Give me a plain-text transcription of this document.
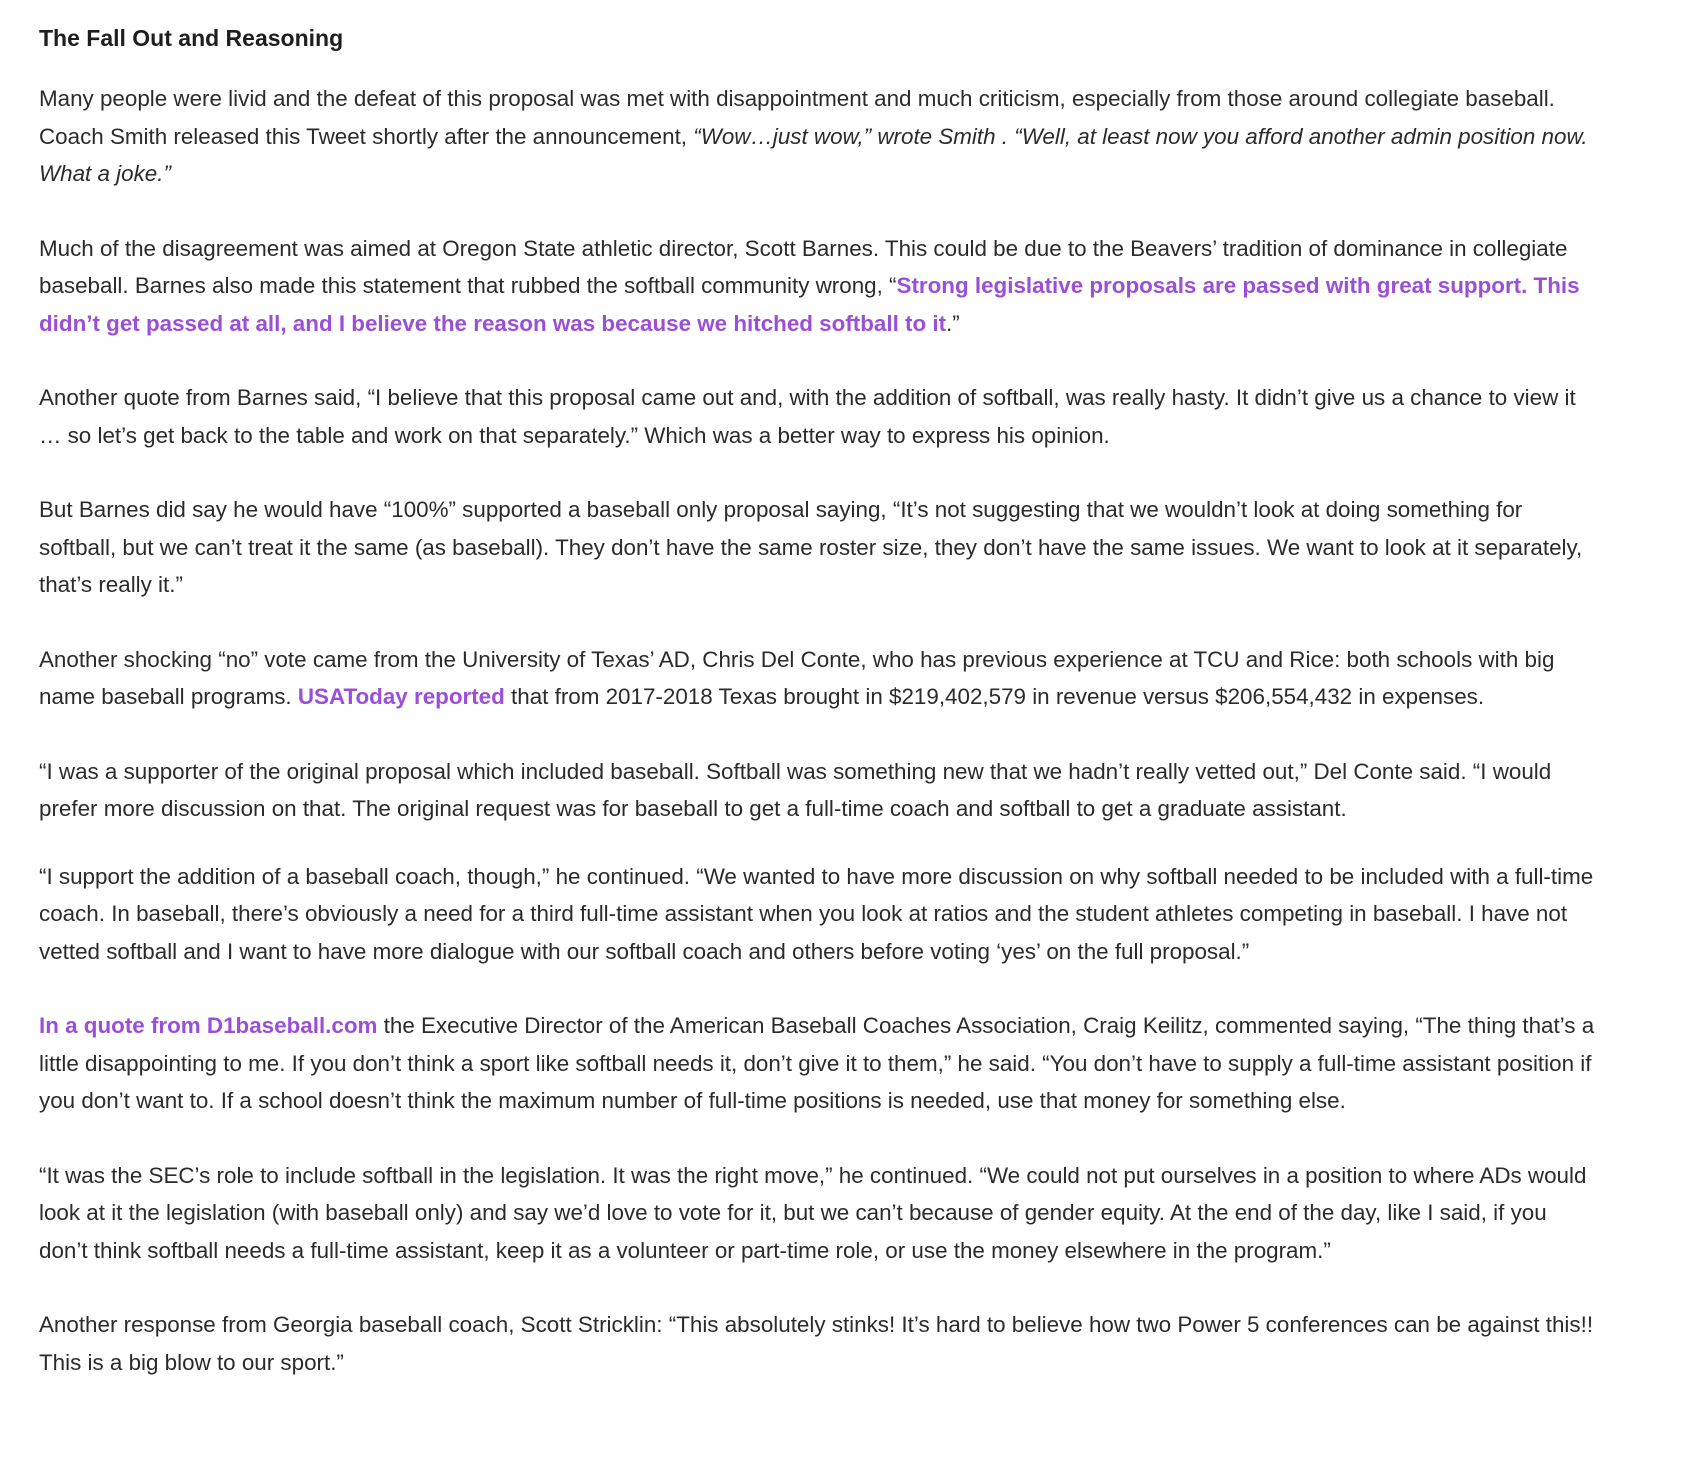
The Fall Out and Reasoning

Many people were livid and the defeat of this proposal was met with disappointment and much criticism, especially from those around collegiate baseball. Coach Smith released this Tweet shortly after the announcement, “Wow…just wow,” wrote Smith . “Well, at least now you afford another admin position now. What a joke.”

Much of the disagreement was aimed at Oregon State athletic director, Scott Barnes. This could be due to the Beavers’ tradition of dominance in collegiate baseball. Barnes also made this statement that rubbed the softball community wrong, “Strong legislative proposals are passed with great support. This didn’t get passed at all, and I believe the reason was because we hitched softball to it.”

Another quote from Barnes said, “I believe that this proposal came out and, with the addition of softball, was really hasty. It didn’t give us a chance to view it … so let’s get back to the table and work on that separately.” Which was a better way to express his opinion.

But Barnes did say he would have “100%” supported a baseball only proposal saying, “It’s not suggesting that we wouldn’t look at doing something for softball, but we can’t treat it the same (as baseball). They don’t have the same roster size, they don’t have the same issues. We want to look at it separately, that’s really it.”

Another shocking “no” vote came from the University of Texas’ AD, Chris Del Conte, who has previous experience at TCU and Rice: both schools with big name baseball programs. USAToday reported that from 2017-2018 Texas brought in $219,402,579 in revenue versus $206,554,432 in expenses.

“I was a supporter of the original proposal which included baseball. Softball was something new that we hadn’t really vetted out,” Del Conte said. “I would prefer more discussion on that. The original request was for baseball to get a full-time coach and softball to get a graduate assistant.

“I support the addition of a baseball coach, though,” he continued. “We wanted to have more discussion on why softball needed to be included with a full-time coach. In baseball, there’s obviously a need for a third full-time assistant when you look at ratios and the student athletes competing in baseball. I have not vetted softball and I want to have more dialogue with our softball coach and others before voting ‘yes’ on the full proposal.”

In a quote from D1baseball.com the Executive Director of the American Baseball Coaches Association, Craig Keilitz, commented saying, “The thing that’s a little disappointing to me. If you don’t think a sport like softball needs it, don’t give it to them,” he said. “You don’t have to supply a full-time assistant position if you don’t want to. If a school doesn’t think the maximum number of full-time positions is needed, use that money for something else.

“It was the SEC’s role to include softball in the legislation. It was the right move,” he continued. “We could not put ourselves in a position to where ADs would look at it the legislation (with baseball only) and say we’d love to vote for it, but we can’t because of gender equity. At the end of the day, like I said, if you don’t think softball needs a full-time assistant, keep it as a volunteer or part-time role, or use the money elsewhere in the program.”

Another response from Georgia baseball coach, Scott Stricklin: “This absolutely stinks! It’s hard to believe how two Power 5 conferences can be against this!! This is a big blow to our sport.”
